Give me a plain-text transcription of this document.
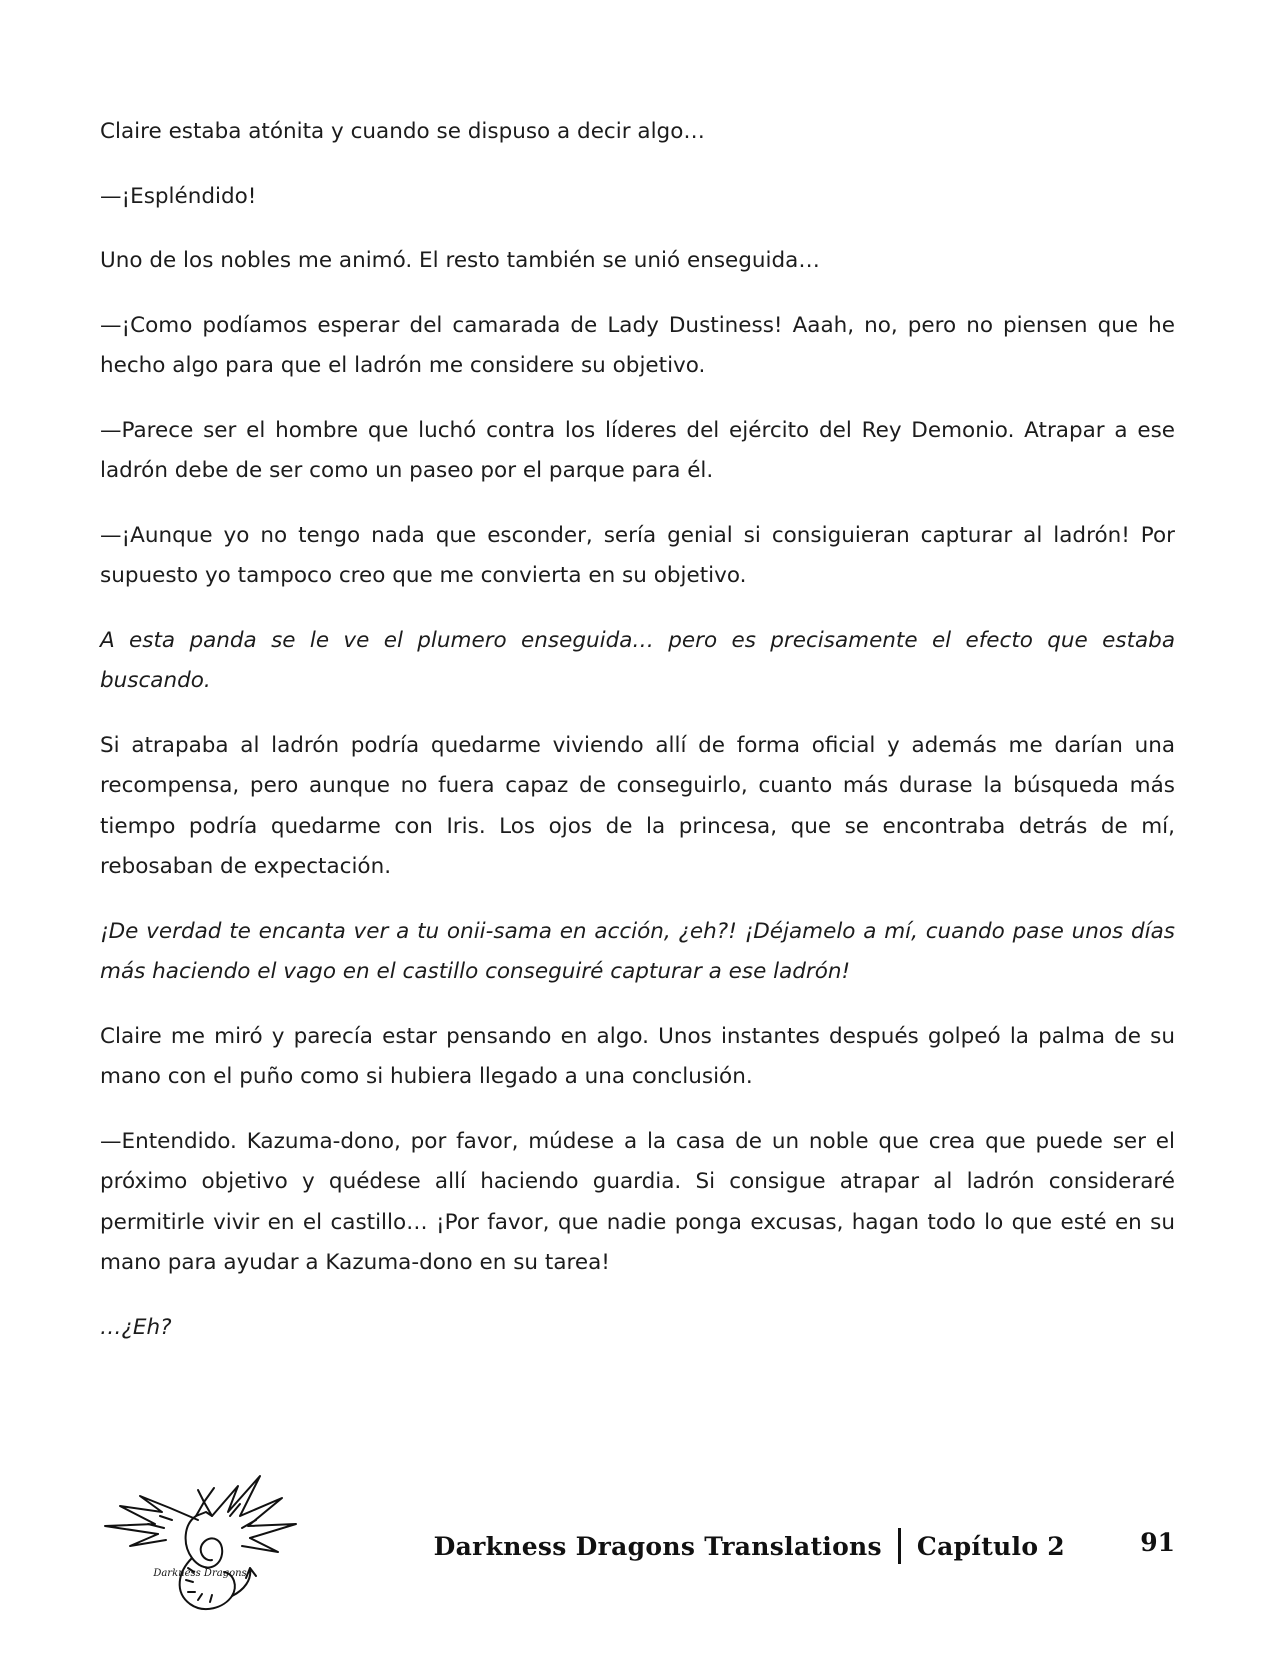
Claire estaba atónita y cuando se dispuso a decir algo…

—¡Espléndido!

Uno de los nobles me animó. El resto también se unió enseguida…

—¡Como podíamos esperar del camarada de Lady Dustiness! Aaah, no, pero no piensen que he hecho algo para que el ladrón me considere su objetivo.

—Parece ser el hombre que luchó contra los líderes del ejército del Rey Demonio. Atrapar a ese ladrón debe de ser como un paseo por el parque para él.

—¡Aunque yo no tengo nada que esconder, sería genial si consiguieran capturar al ladrón! Por supuesto yo tampoco creo que me convierta en su objetivo.

A esta panda se le ve el plumero enseguida… pero es precisamente el efecto que estaba buscando.

Si atrapaba al ladrón podría quedarme viviendo allí de forma oficial y además me darían una recompensa, pero aunque no fuera capaz de conseguirlo, cuanto más durase la búsqueda más tiempo podría quedarme con Iris. Los ojos de la princesa, que se encontraba detrás de mí, rebosaban de expectación.

¡De verdad te encanta ver a tu onii-sama en acción, ¿eh?! ¡Déjamelo a mí, cuando pase unos días más haciendo el vago en el castillo conseguiré capturar a ese ladrón!

Claire me miró y parecía estar pensando en algo. Unos instantes después golpeó la palma de su mano con el puño como si hubiera llegado a una conclusión.

—Entendido. Kazuma-dono, por favor, múdese a la casa de un noble que crea que puede ser el próximo objetivo y quédese allí haciendo guardia. Si consigue atrapar al ladrón consideraré permitirle vivir en el castillo… ¡Por favor, que nadie ponga excusas, hagan todo lo que esté en su mano para ayudar a Kazuma-dono en su tarea!

…¿Eh?

Darkness Dragons
Darkness Dragons Translations Capítulo 2	91
